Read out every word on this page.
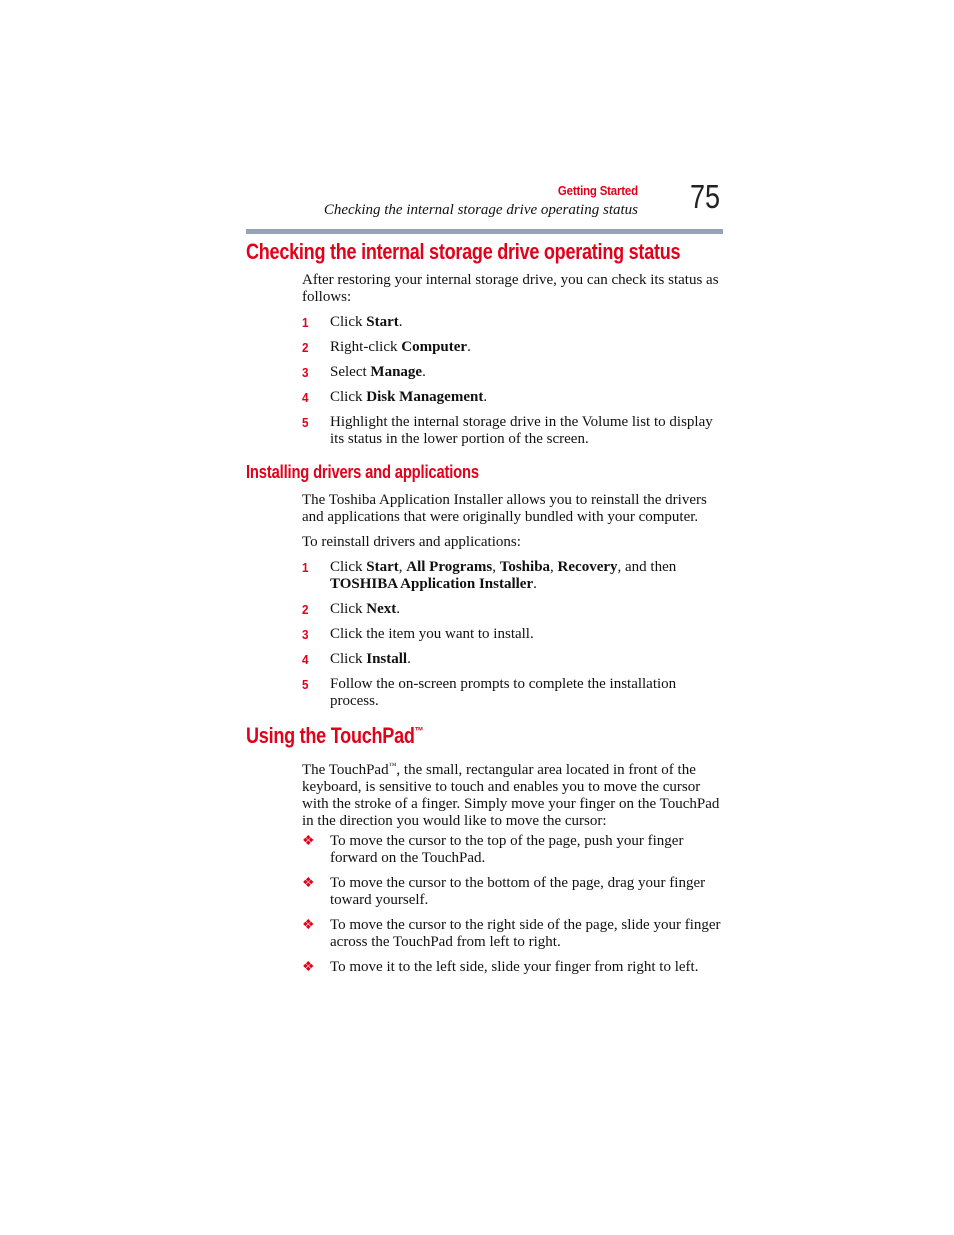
Getting Started
Checking the internal storage drive operating status 75
Checking the internal storage drive operating status

After restoring your internal storage drive, you can check its status as follows:

1 Click Start.
2 Right-click Computer.
3 Select Manage.
4 Click Disk Management.
5 Highlight the internal storage drive in the Volume list to display its status in the lower portion of the screen.
Installing drivers and applications

The Toshiba Application Installer allows you to reinstall the drivers and applications that were originally bundled with your computer.

To reinstall drivers and applications:

1 Click Start, All Programs, Toshiba, Recovery, and then
TOSHIBA Application Installer.
2 Click Next.
3 Click the item you want to install.
4 Click Install.
5 Follow the on-screen prompts to complete the installation process.
Using the TouchPad™

The TouchPad™, the small, rectangular area located in front of the keyboard, is sensitive to touch and enables you to move the cursor with the stroke of a finger. Simply move your finger on the TouchPad in the direction you would like to move the cursor:

❖ To move the cursor to the top of the page, push your finger forward on the TouchPad.
❖ To move the cursor to the bottom of the page, drag your finger toward yourself.
❖ To move the cursor to the right side of the page, slide your finger across the TouchPad from left to right.
❖ To move it to the left side, slide your finger from right to left.
